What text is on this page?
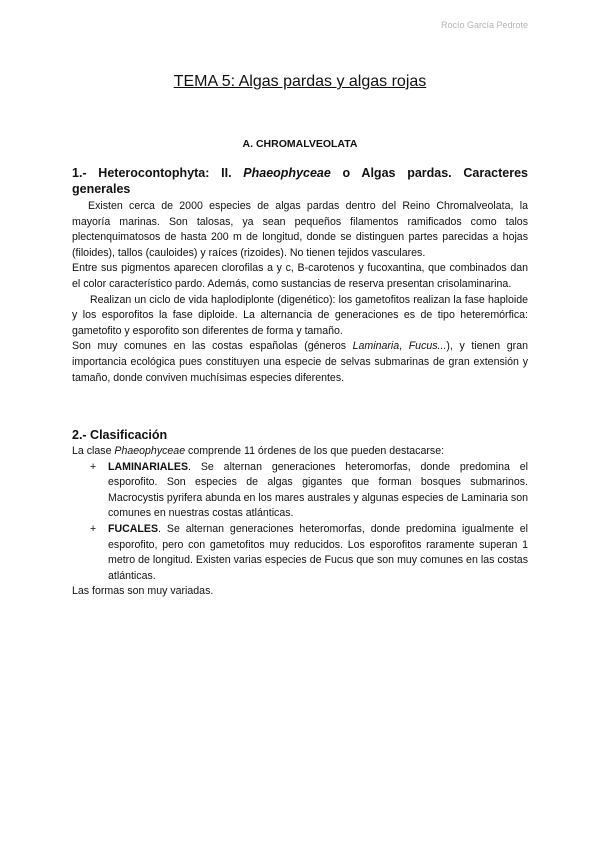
Rocío García Pedrote
TEMA 5: Algas pardas y algas rojas
A. CHROMALVEOLATA
1.- Heterocontophyta: II. Phaeophyceae o Algas pardas. Caracteres generales

Existen cerca de 2000 especies de algas pardas dentro del Reino Chromalveolata, la mayoría marinas. Son talosas, ya sean pequeños filamentos ramificados como talos plectenquimatosos de hasta 200 m de longitud, donde se distinguen partes parecidas a hojas (filoides), tallos (cauloides) y raíces (rizoides). No tienen tejidos vasculares.

Entre sus pigmentos aparecen clorofilas a y c, B-carotenos y fucoxantina, que combinados dan el color característico pardo. Además, como sustancias de reserva presentan crisolaminarina.

Realizan un ciclo de vida haplodiplonte (digenético): los gametofitos realizan la fase haploide y los esporofitos la fase diploide. La alternancia de generaciones es de tipo heteremórfica: gametofito y esporofito son diferentes de forma y tamaño.

Son muy comunes en las costas españolas (géneros Laminaria, Fucus...), y tienen gran importancia ecológica pues constituyen una especie de selvas submarinas de gran extensión y tamaño, donde conviven muchísimas especies diferentes.

2.- Clasificación

La clase Phaeophyceae comprende 11 órdenes de los que pueden destacarse:

+ LAMINARIALES. Se alternan generaciones heteromorfas, donde predomina el esporofito. Son especies de algas gigantes que forman bosques submarinos. Macrocystis pyrifera abunda en los mares australes y algunas especies de Laminaria son comunes en nuestras costas atlánticas.
+ FUCALES. Se alternan generaciones heteromorfas, donde predomina igualmente el esporofito, pero con gametofitos muy reducidos. Los esporofitos raramente superan 1 metro de longitud. Existen varias especies de Fucus que son muy comunes en las costas atlánticas.

Las formas son muy variadas.
